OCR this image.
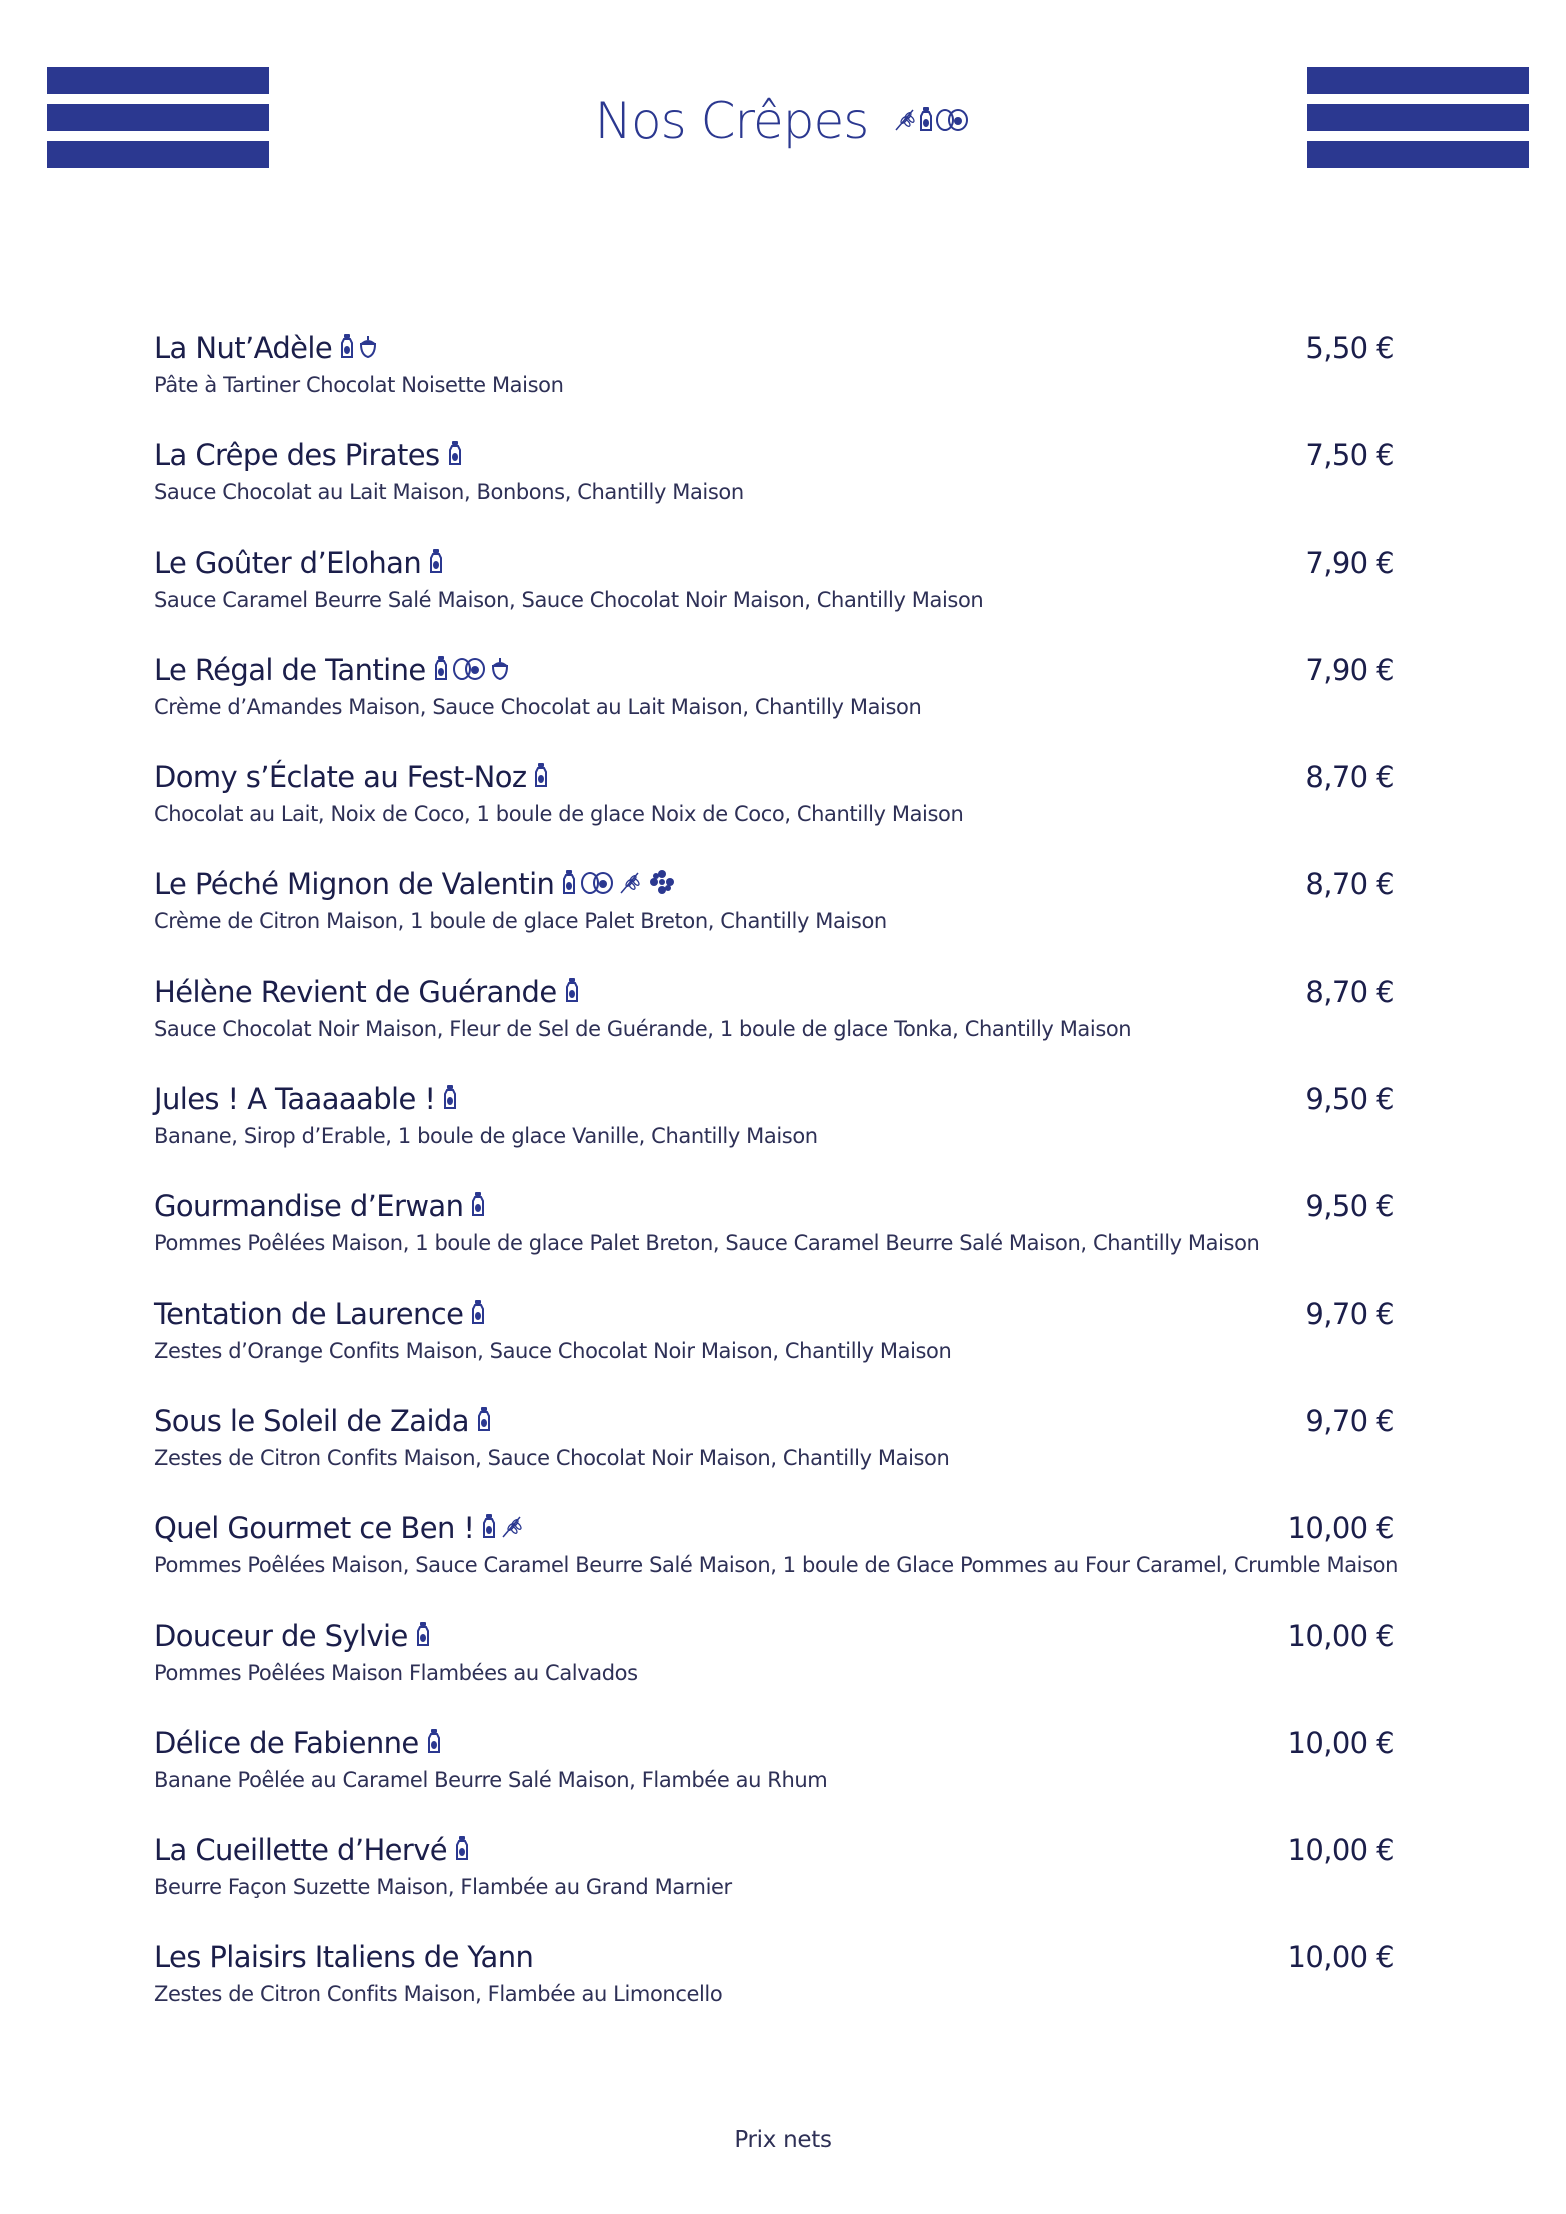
Nos Crêpes
La Nut’Adèle	5,50 €
Pâte à Tartiner Chocolat Noisette Maison
La Crêpe des Pirates	7,50 €
Sauce Chocolat au Lait Maison, Bonbons, Chantilly Maison
Le Goûter d’Elohan	7,90 €
Sauce Caramel Beurre Salé Maison, Sauce Chocolat Noir Maison, Chantilly Maison
Le Régal de Tantine	7,90 €
Crème d’Amandes Maison, Sauce Chocolat au Lait Maison, Chantilly Maison
Domy s’Éclate au Fest-Noz	8,70 €
Chocolat au Lait, Noix de Coco, 1 boule de glace Noix de Coco, Chantilly Maison
Le Péché Mignon de Valentin	8,70 €
Crème de Citron Maison, 1 boule de glace Palet Breton, Chantilly Maison
Hélène Revient de Guérande	8,70 €
Sauce Chocolat Noir Maison, Fleur de Sel de Guérande, 1 boule de glace Tonka, Chantilly Maison
Jules ! A Taaaaable !	9,50 €
Banane, Sirop d’Erable, 1 boule de glace Vanille, Chantilly Maison
Gourmandise d’Erwan	9,50 €
Pommes Poêlées Maison, 1 boule de glace Palet Breton, Sauce Caramel Beurre Salé Maison, Chantilly Maison
Tentation de Laurence	9,70 €
Zestes d’Orange Confits Maison, Sauce Chocolat Noir Maison, Chantilly Maison
Sous le Soleil de Zaida	9,70 €
Zestes de Citron Confits Maison, Sauce Chocolat Noir Maison, Chantilly Maison
Quel Gourmet ce Ben !	10,00 €
Pommes Poêlées Maison, Sauce Caramel Beurre Salé Maison, 1 boule de Glace Pommes au Four Caramel, Crumble Maison
Douceur de Sylvie	10,00 €
Pommes Poêlées Maison Flambées au Calvados
Délice de Fabienne	10,00 €
Banane Poêlée au Caramel Beurre Salé Maison, Flambée au Rhum
La Cueillette d’Hervé	10,00 €
Beurre Façon Suzette Maison, Flambée au Grand Marnier
Les Plaisirs Italiens de Yann	10,00 €
Zestes de Citron Confits Maison, Flambée au Limoncello
Prix nets
